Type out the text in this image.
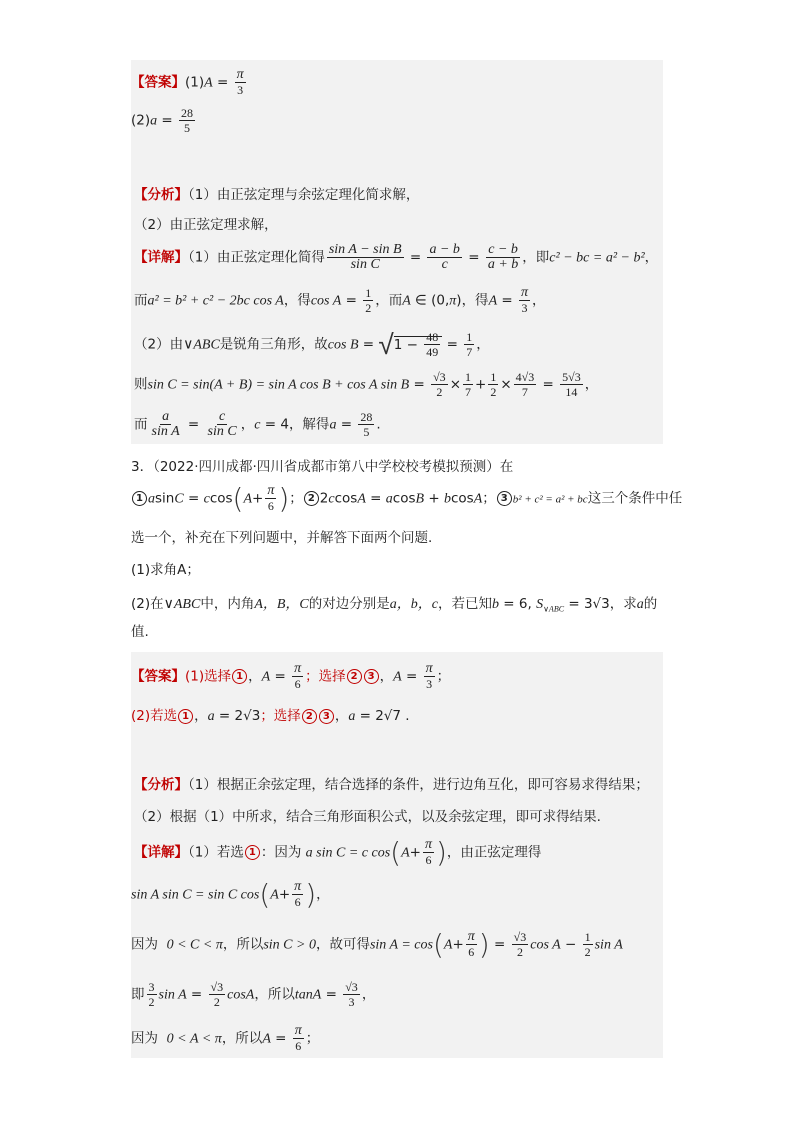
【答案】$(1)A = \frac{\pi}{3}$
$(2)a = \frac{28}{5}$
【分析】（1）由正弦定理与余弦定理化简求解，
（2）由正弦定理求解，
【详解】（1）由正弦定理化简得 $\frac{\text{sin A − sin B}}{\text{sin C}} = \frac{a - b}{c} = \frac{c - b}{a + b}$ ，即c² − bc = a² − b²，
而a² = b² + c² − 2bc cos A，得$\cos A = \frac{1}{2}$ ，而A ∈ (0,π)，得$A = \frac{\pi}{3}$ ，
（2）由∨ABC是锐角三角形，故$\cos B = √1 - \frac{48}{49} = \frac{1}{7}$ ，
则sin C = sin(A + B) = sin A cos B + cos A $\sin B = \frac{√3}{2} \times \frac{1}{7} + \frac{1}{2} \times \frac{4√3}{7} = \frac{5√3}{14}$ ，
而 $\frac{a}{\text{sin A}} = \frac{c}{\text{sin C}}$ ，c = 4，解得$a = \frac{28}{5}$ .
3．（2022·四川成都·四川省成都市第八中学校校考模拟预测）在
1 $asinC = ccos(A+ \frac{\pi}{6}$ )； 2 2ccosA = acosB + bcosA； 3 b² + c² = a² + bc这三个条件中任
选一个，补充在下列问题中，并解答下面两个问题.
(1)求角A；
(2)在∨ABC中，内角A，B，C的对边分别是a，b，c，若已知b = 6, $S_{\vee ABC} = 3√3$，求a的
值.
【答案】(1)选择 1 ，$A = \frac{\pi}{6}$ ；选择 2 3 ，$A = \frac{\pi}{3}$ ；
(2)若选 1 ，a = 2√3；选择 2 3 ，a = 2√7 .
【分析】（1）根据正余弦定理，结合选择的条件，进行边角互化，即可容易求得结果；
（2）根据（1）中所求，结合三角形面积公式，以及余弦定理，即可求得结果.
【详解】（1）若选 1 ：因为 a sin C = c $\cos(A+ \frac{\pi}{6}$ )，由正弦定理得
sin A sin C = sin C $\cos(A+ \frac{\pi}{6}$ )，
因为 0 < C < π，所以sin C > 0，故可得$\sin A = \cos(A+ \frac{\pi}{6}$ ) = $\frac{√3}{2}$ $\cos A - \frac{1}{2}$ sin A
即 $\frac{3}{2}$ $\sin A = \frac{√3}{2}$ cosA，所以$\tan A = \frac{√3}{3}$ ，
因为 0 < A < π，所以$A = \frac{\pi}{6}$ ；
